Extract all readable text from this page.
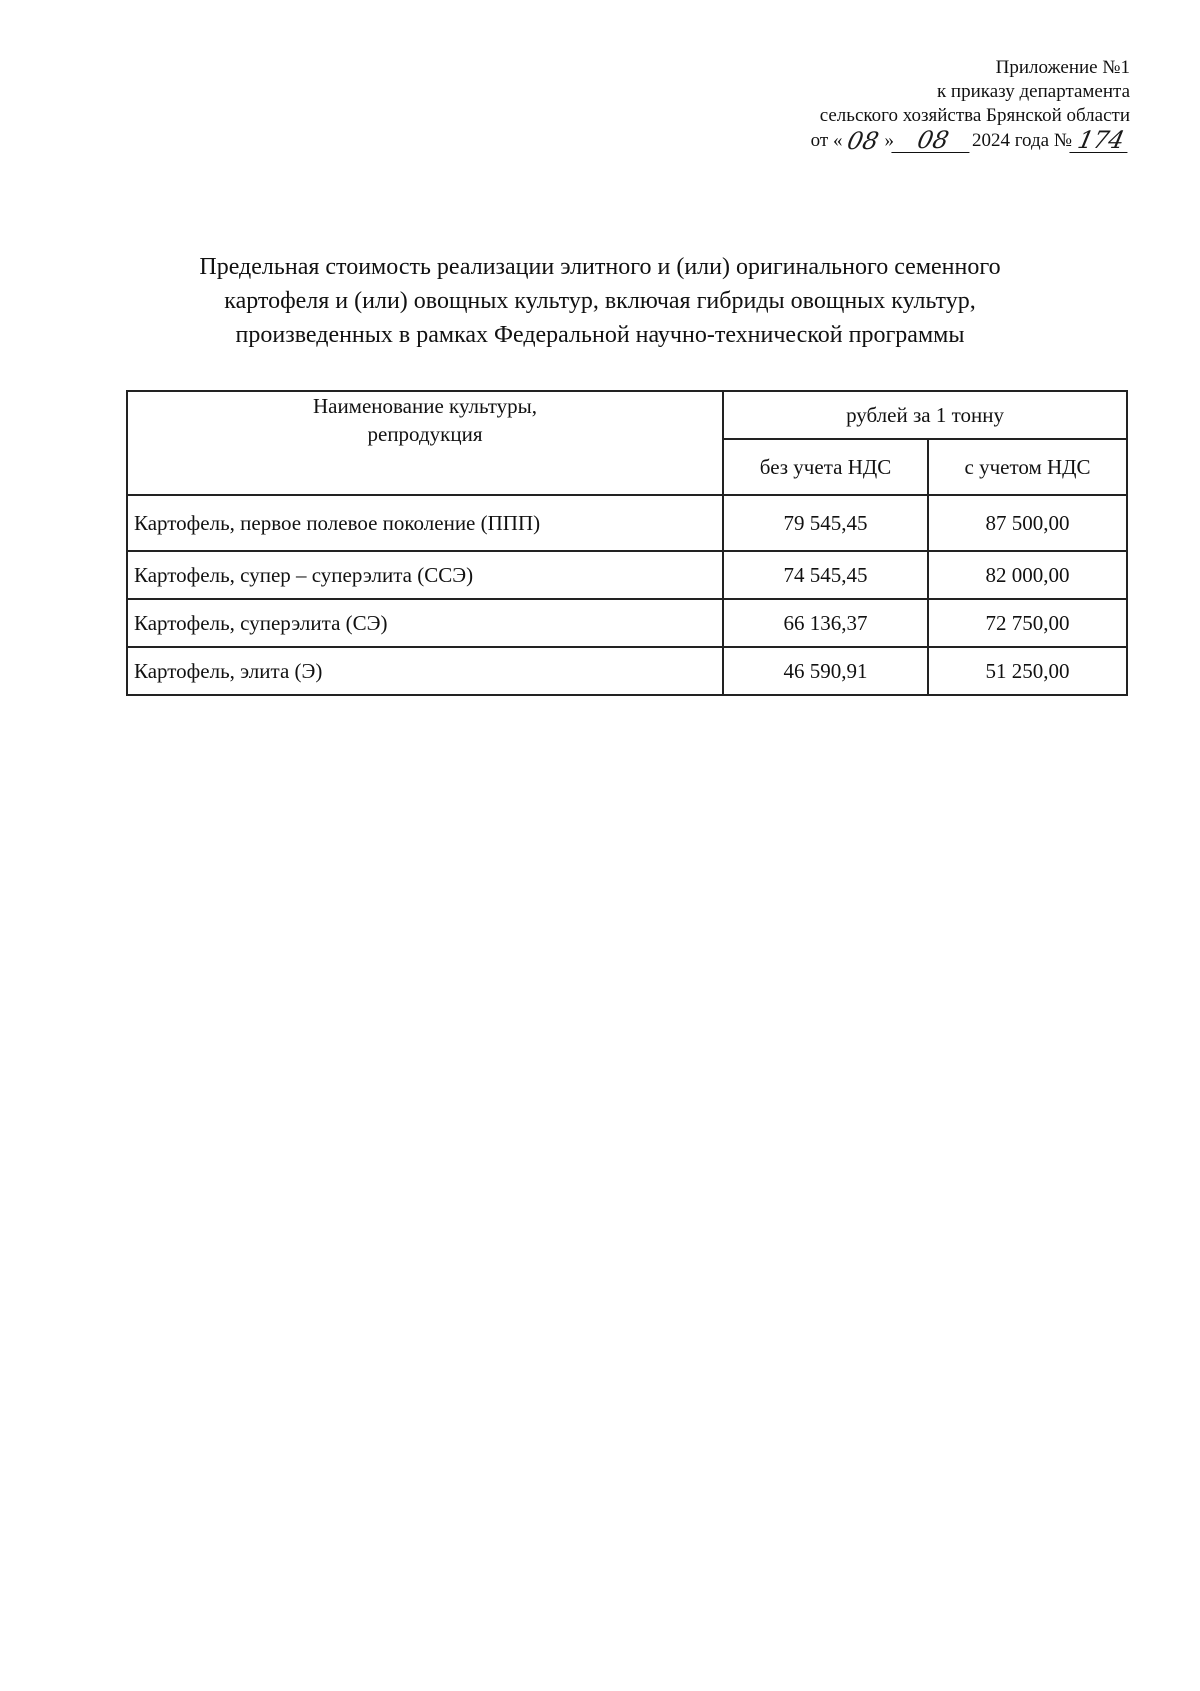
Приложение №1
к приказу департамента
сельского хозяйства Брянской области
от « 08 » 08	2024 года № 174
Предельная стоимость реализации элитного и (или) оригинального семенного
картофеля и (или) овощных культур, включая гибриды овощных культур,
произведенных в рамках Федеральной научно-технической программы
Наименование культуры,
репродукция	рублей за 1 тонну	
	без учета НДС	с учетом НДС
Картофель, первое полевое поколение (ППП)	79 545,45	87 500,00
Картофель, супер – суперэлита (ССЭ)	74 545,45	82 000,00
Картофель, суперэлита (СЭ)	66 136,37	72 750,00
Картофель, элита (Э)	46 590,91	51 250,00
